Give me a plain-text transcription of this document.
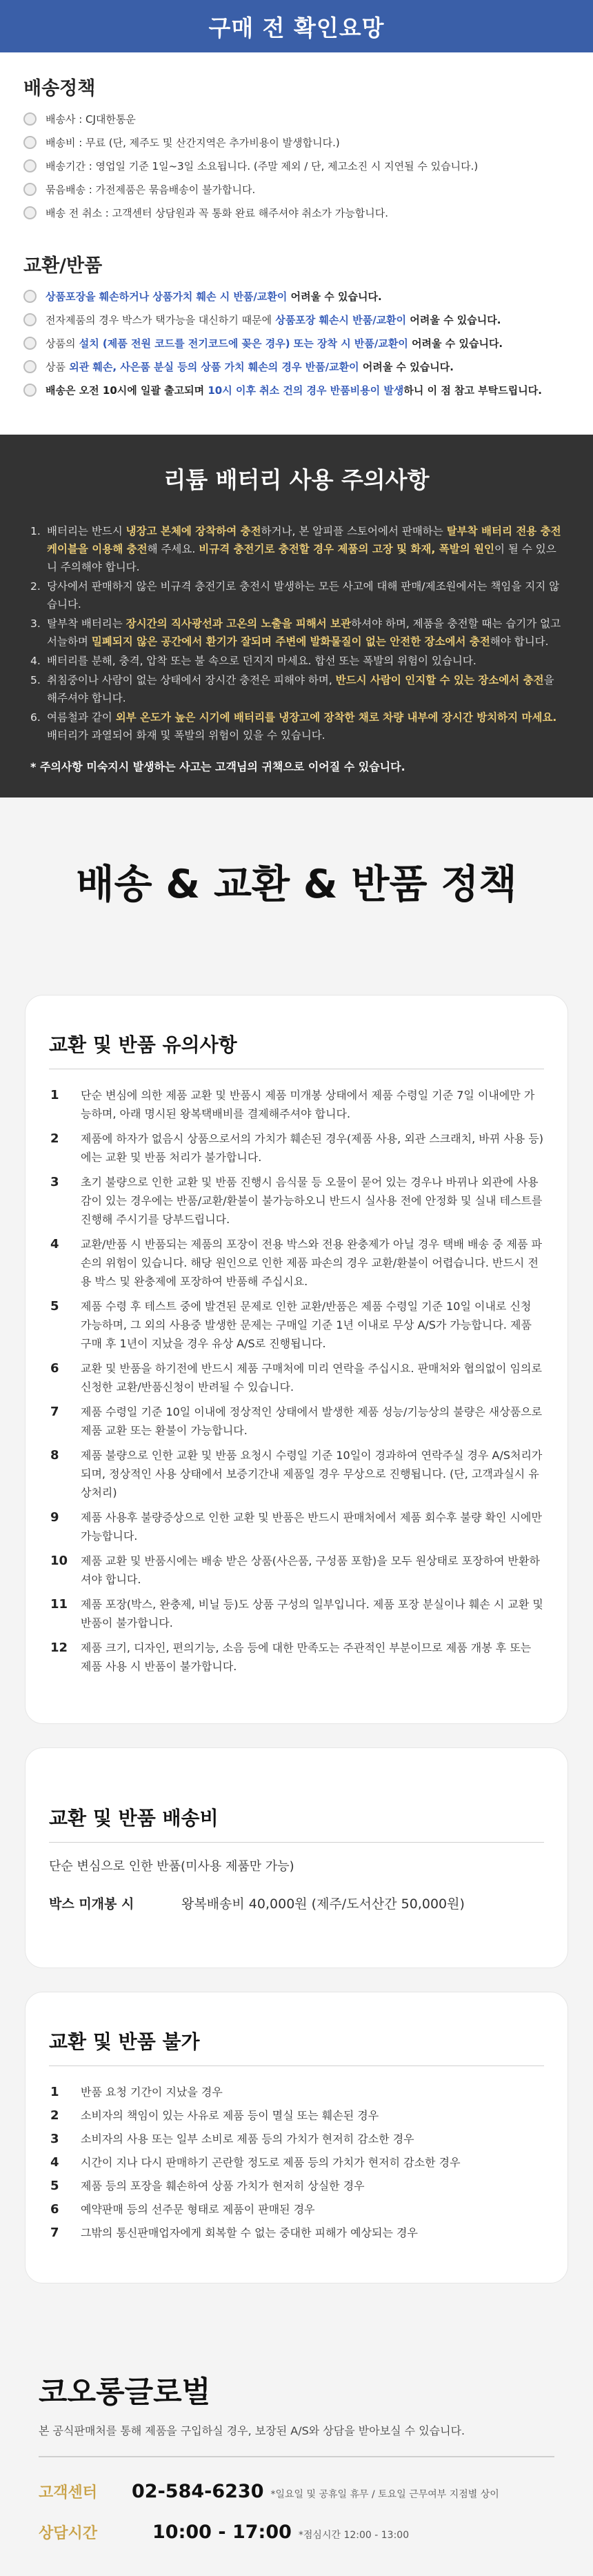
구매 전 확인요망
배송정책
배송사 : CJ대한통운
배송비 : 무료 (단, 제주도 및 산간지역은 추가비용이 발생합니다.)
배송기간 : 영업일 기준 1일~3일 소요됩니다. (주말 제외 / 단, 제고소진 시 지연될 수 있습니다.)
묶음배송 : 가전제품은 묶음배송이 불가합니다.
배송 전 취소 : 고객센터 상담원과 꼭 통화 완료 해주셔야 취소가 가능합니다.
교환/반품
상품포장을 훼손하거나 상품가치 훼손 시 반품/교환이 어려울 수 있습니다.
전자제품의 경우 박스가 택가능을 대신하기 때문에 상품포장 훼손시 반품/교환이 어려울 수 있습니다.
상품의 설치 (제품 전원 코드를 전기코드에 꽂은 경우) 또는 장착 시 반품/교환이 어려울 수 있습니다.
상품 외관 훼손, 사은품 분실 등의 상품 가치 훼손의 경우 반품/교환이 어려울 수 있습니다.
배송은 오전 10시에 일괄 출고되며 10시 이후 취소 건의 경우 반품비용이 발생하니 이 점 참고 부탁드립니다.
리튬 배터리 사용 주의사항
1. 배터리는 반드시 냉장고 본체에 장착하여 충전하거나, 본 알피플 스토어에서 판매하는 탈부착 배터리 전용 충전 케이블을 이용해 충전해 주세요. 비규격 충전기로 충전할 경우 제품의 고장 및 화재, 폭발의 원인이 될 수 있으니 주의해야 합니다.
2. 당사에서 판매하지 않은 비규격 충전기로 충전시 발생하는 모든 사고에 대해 판매/제조원에서는 책임을 지지 않습니다.
3. 탈부착 배터리는 장시간의 직사광선과 고온의 노출을 피해서 보관하셔야 하며, 제품을 충전할 때는 습기가 없고 서늘하며 밀폐되지 않은 공간에서 환기가 잘되며 주변에 발화물질이 없는 안전한 장소에서 충전해야 합니다.
4. 배터리를 분해, 충격, 압착 또는 불 속으로 던지지 마세요. 합선 또는 폭발의 위험이 있습니다.
5. 취침중이나 사람이 없는 상태에서 장시간 충전은 피해야 하며, 반드시 사람이 인지할 수 있는 장소에서 충전을 해주셔야 합니다.
6. 여름철과 같이 외부 온도가 높은 시기에 배터리를 냉장고에 장착한 채로 차량 내부에 장시간 방치하지 마세요. 배터리가 과열되어 화재 및 폭발의 위험이 있을 수 있습니다.

* 주의사항 미숙지시 발생하는 사고는 고객님의 귀책으로 이어질 수 있습니다.

배송 & 교환 & 반품 정책
교환 및 반품 유의사항
1	단순 변심에 의한 제품 교환 및 반품시 제품 미개봉 상태에서 제품 수령일 기준 7일 이내에만 가능하며, 아래 명시된 왕복택배비를 결제해주셔야 합니다.
2	제품에 하자가 없음시 상품으로서의 가치가 훼손된 경우(제품 사용, 외관 스크래치, 바뀌 사용 등)에는 교환 및 반품 처리가 불가합니다.
3	초기 불량으로 인한 교환 및 반품 진행시 음식물 등 오물이 묻어 있는 경우나 바뀌나 외관에 사용감이 있는 경우에는 반품/교환/환불이 불가능하오니 반드시 실사용 전에 안정화 및 실내 테스트를 진행해 주시기를 당부드립니다.
4	교환/반품 시 반품되는 제품의 포장이 전용 박스와 전용 완충제가 아닐 경우 택배 배송 중 제품 파손의 위험이 있습니다. 해당 원인으로 인한 제품 파손의 경우 교환/환불이 어렵습니다. 반드시 전용 박스 및 완충제에 포장하여 반품해 주십시요.
5	제품 수령 후 테스트 중에 발견된 문제로 인한 교환/반품은 제품 수령일 기준 10일 이내로 신청 가능하며, 그 외의 사용중 발생한 문제는 구매일 기준 1년 이내로 무상 A/S가 가능합니다. 제품 구매 후 1년이 지났을 경우 유상 A/S로 진행됩니다.
6	교환 및 반품을 하기전에 반드시 제품 구매처에 미리 연락을 주십시요. 판매처와 협의없이 임의로 신청한 교환/반품신청이 반려될 수 있습니다.
7	제품 수령일 기준 10일 이내에 정상적인 상태에서 발생한 제품 성능/기능상의 불량은 새상품으로 제품 교환 또는 환불이 가능합니다.
8	제품 불량으로 인한 교환 및 반품 요청시 수령일 기준 10일이 경과하여 연락주실 경우 A/S처리가 되며, 정상적인 사용 상태에서 보증기간내 제품일 경우 무상으로 진행됩니다. (단, 고객과실시 유상처리)
9	제품 사용후 불량증상으로 인한 교환 및 반품은 반드시 판매처에서 제품 회수후 불량 확인 시에만 가능합니다.
10	제품 교환 및 반품시에는 배송 받은 상품(사은품, 구성품 포함)을 모두 원상태로 포장하여 반환하셔야 합니다.
11	제품 포장(박스, 완충제, 비닐 등)도 상품 구성의 일부입니다. 제품 포장 분실이나 훼손 시 교환 및 반품이 불가합니다.
12	제품 크기, 디자인, 편의기능, 소음 등에 대한 만족도는 주관적인 부분이므로 제품 개봉 후 또는 제품 사용 시 반품이 불가합니다.
교환 및 반품 배송비

단순 변심으로 인한 반품(미사용 제품만 가능)

박스 미개봉 시	왕복배송비 40,000원 (제주/도서산간 50,000원)
교환 및 반품 불가
1	반품 요청 기간이 지났을 경우
2	소비자의 책임이 있는 사유로 제품 등이 멸실 또는 훼손된 경우
3	소비자의 사용 또는 일부 소비로 제품 등의 가치가 현저히 감소한 경우
4	시간이 지나 다시 판매하기 곤란할 정도로 제품 등의 가치가 현저히 감소한 경우
5	제품 등의 포장을 훼손하여 상품 가치가 현저히 상실한 경우
6	예약판매 등의 선주문 형태로 제품이 판매된 경우
7	그밖의 통신판매업자에게 회복할 수 없는 중대한 피해가 예상되는 경우
코오롱글로벌

본 공식판매처를 통해 제품을 구입하실 경우, 보장된 A/S와 상담을 받아보실 수 있습니다.

고객센터	02-584-6230 *일요일 및 공휴일 휴무 / 토요일 근무여부 지점별 상이
상담시간	10:00 - 17:00 *점심시간 12:00 - 13:00
